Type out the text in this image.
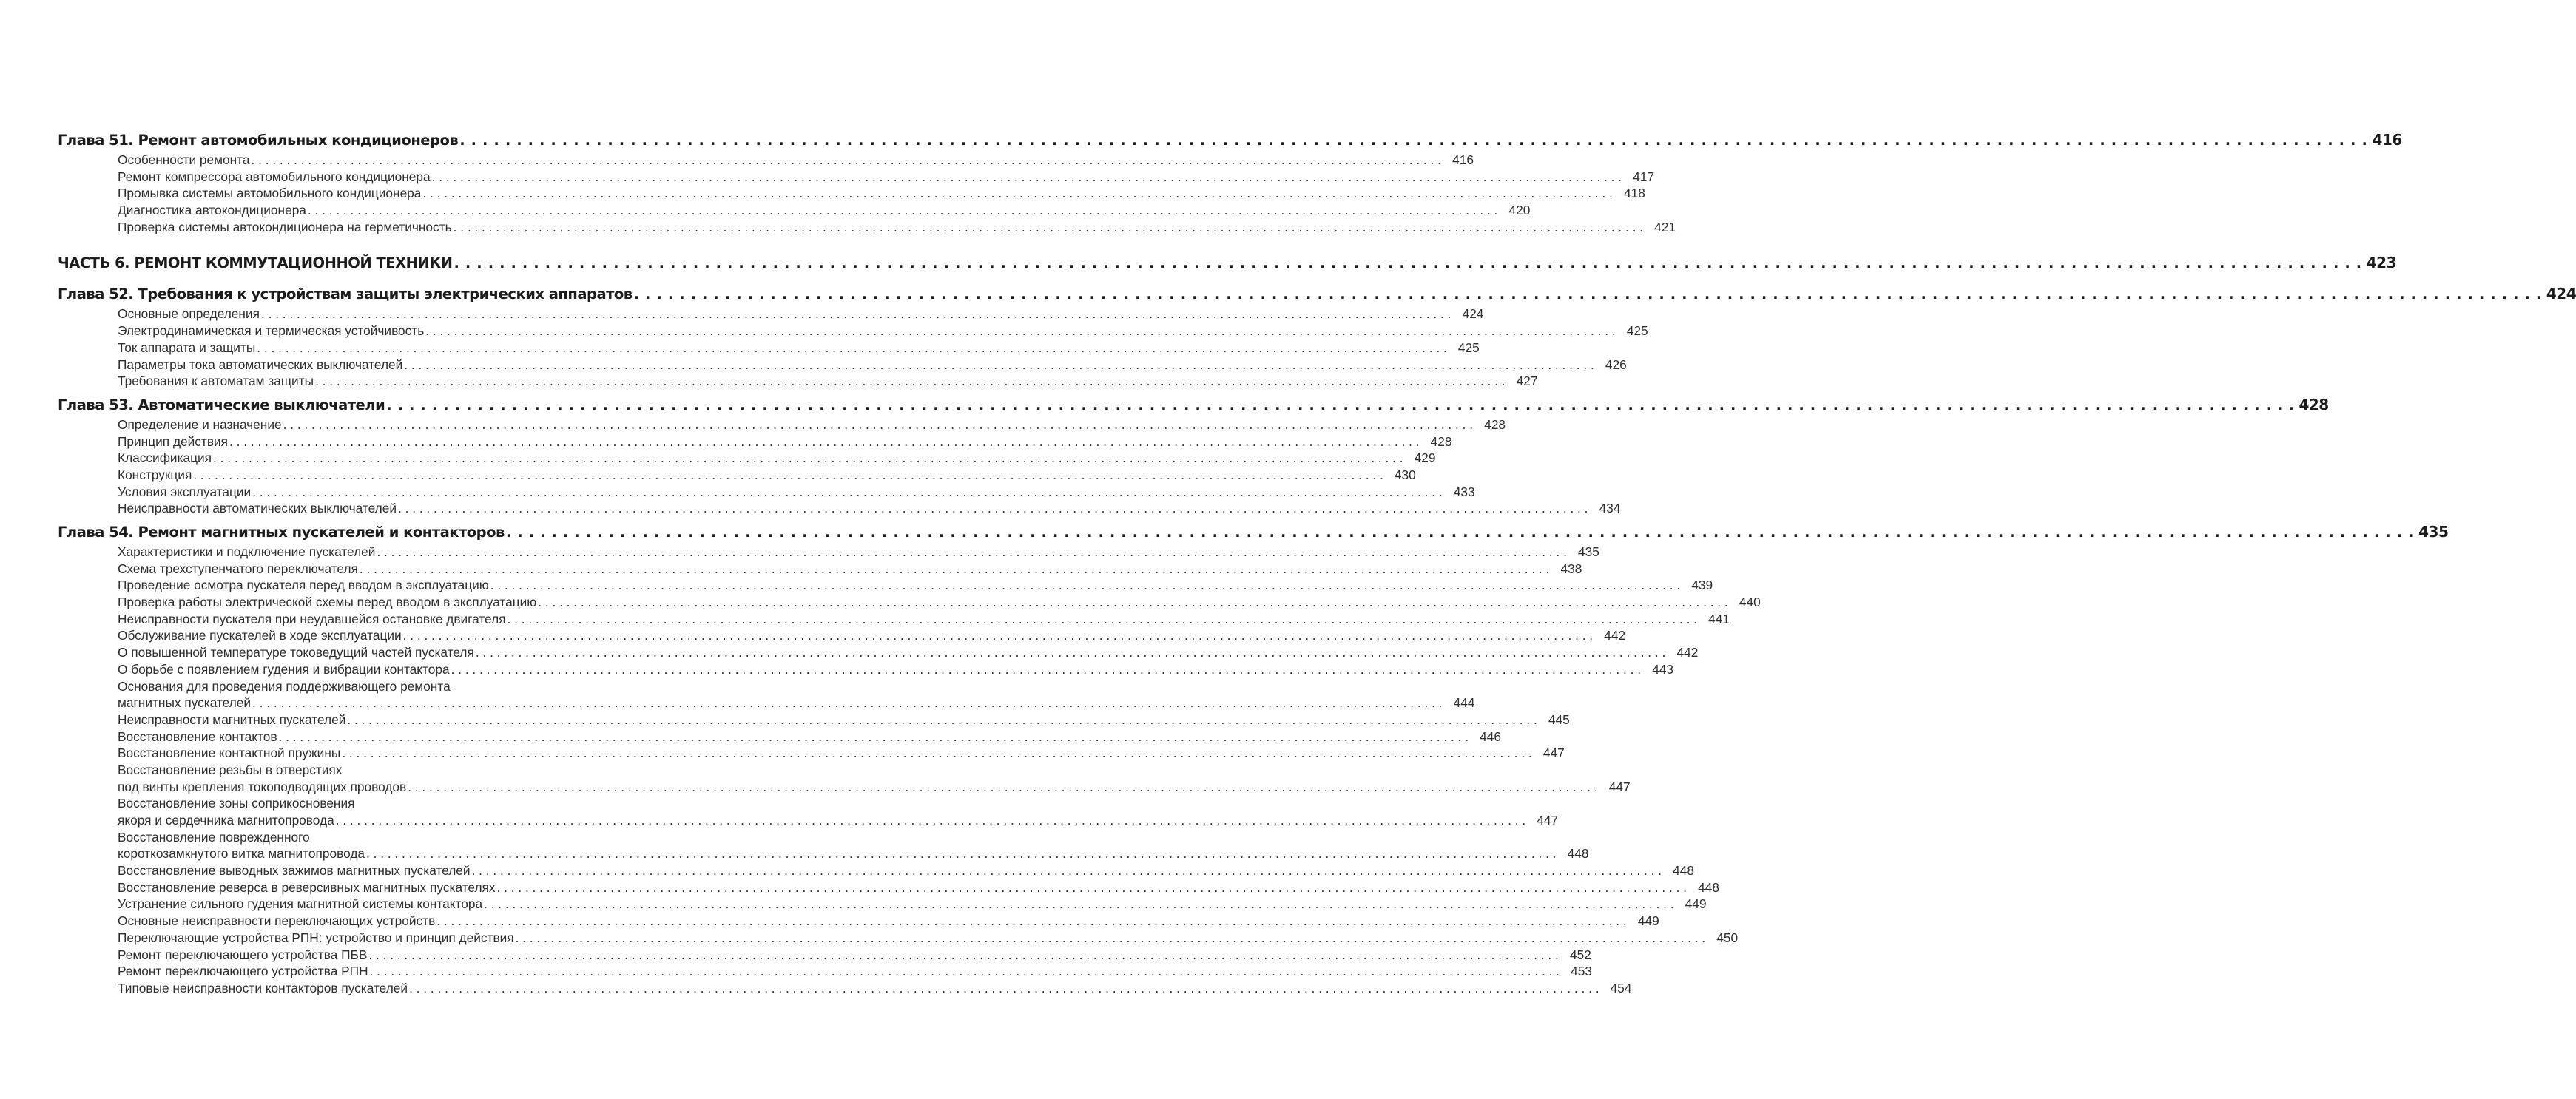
Глава 51. Ремонт автомобильных кондиционеров . . .	416
Особенности ремонта . . .	416
Ремонт компрессора автомобильного кондиционера . . .	417
Промывка системы автомобильного кондиционера . . .	418
Диагностика автокондиционера . . .	420
Проверка системы автокондиционера на герметичность . . .	421
ЧАСТЬ 6. РЕМОНТ КОММУТАЦИОННОЙ ТЕХНИКИ . . .	423
Глава 52. Требования к устройствам защиты электрических аппаратов . . .	424
Основные определения . . .	424
Электродинамическая и термическая устойчивость . . .	425
Ток аппарата и защиты . . .	425
Параметры тока автоматических выключателей . . .	426
Требования к автоматам защиты . . .	427
Глава 53. Автоматические выключатели . . .	428
Определение и назначение . . .	428
Принцип действия . . .	428
Классификация . . .	429
Конструкция . . .	430
Условия эксплуатации . . .	433
Неисправности автоматических выключателей . . .	434
Глава 54. Ремонт магнитных пускателей и контакторов . . .	435
Характеристики и подключение пускателей . . .	435
Схема трехступенчатого переключателя . . .	438
Проведение осмотра пускателя перед вводом в эксплуатацию . . .	439
Проверка работы электрической схемы перед вводом в эксплуатацию . . .	440
Неисправности пускателя при неудавшейся остановке двигателя . . .	441
Обслуживание пускателей в ходе эксплуатации . . .	442
О повышенной температуре токоведущий частей пускателя . . .	442
О борьбе с появлением гудения и вибрации контактора . . .	443
Основания для проведения поддерживающего ремонта
магнитных пускателей . . .	444
Неисправности магнитных пускателей . . .	445
Восстановление контактов . . .	446
Восстановление контактной пружины . . .	447
Восстановление резьбы в отверстиях
под винты крепления токоподводящих проводов . . .	447
Восстановление зоны соприкосновения
якоря и сердечника магнитопровода . . .	447
Восстановление поврежденного
короткозамкнутого витка магнитопровода . . .	448
Восстановление выводных зажимов магнитных пускателей . . .	448
Восстановление реверса в реверсивных магнитных пускателях . . .	448
Устранение сильного гудения магнитной системы контактора . . .	449
Основные неисправности переключающих устройств . . .	449
Переключающие устройства РПН: устройство и принцип действия . . .	450
Ремонт переключающего устройства ПБВ . . .	452
Ремонт переключающего устройства РПН . . .	453
Типовые неисправности контакторов пускателей . . .	454
